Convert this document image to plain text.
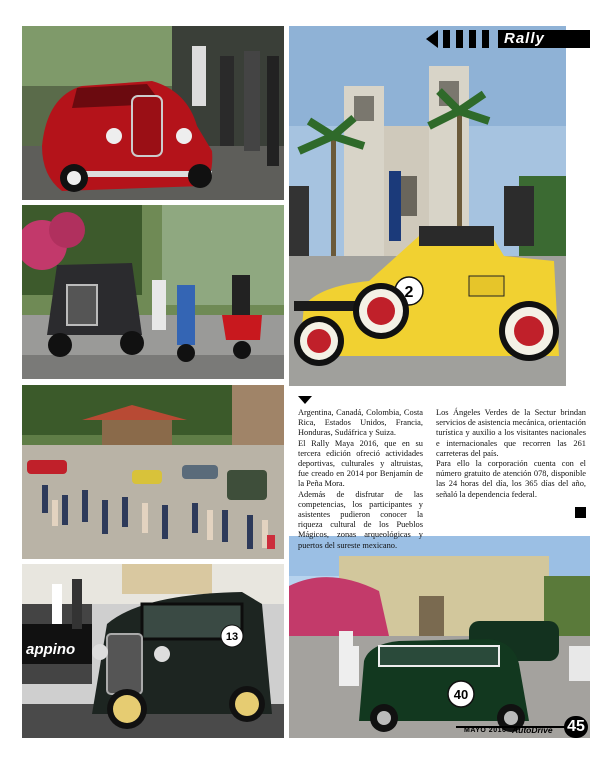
appino
13
2
40
Rally

Argentina, Canadá, Colombia, Costa Rica, Estados Unidos, Francia, Honduras, Sudáfrica y Suiza.

El Rally Maya 2016, que en su tercera edición ofreció actividades deportivas, culturales y altruistas, fue creado en 2014 por Benjamín de la Peña Mora.

Además de disfrutar de las competencias, los participantes y asistentes pudieron conocer la riqueza cultural de los Pueblos Mágicos, zonas arqueológicas y puertos del sureste mexicano.

Los Ángeles Verdes de la Sectur brindan servicios de asistencia mecánica, orientación turística y auxilio a los visitantes nacionales e internacionales que recorren las 261 carreteras del país.

Para ello la corporación cuenta con el número gratuito de atención 078, disponible las 24 horas del día, los 365 días del año, señaló la dependencia federal.

MAYO 2016 AutoDrive 45
